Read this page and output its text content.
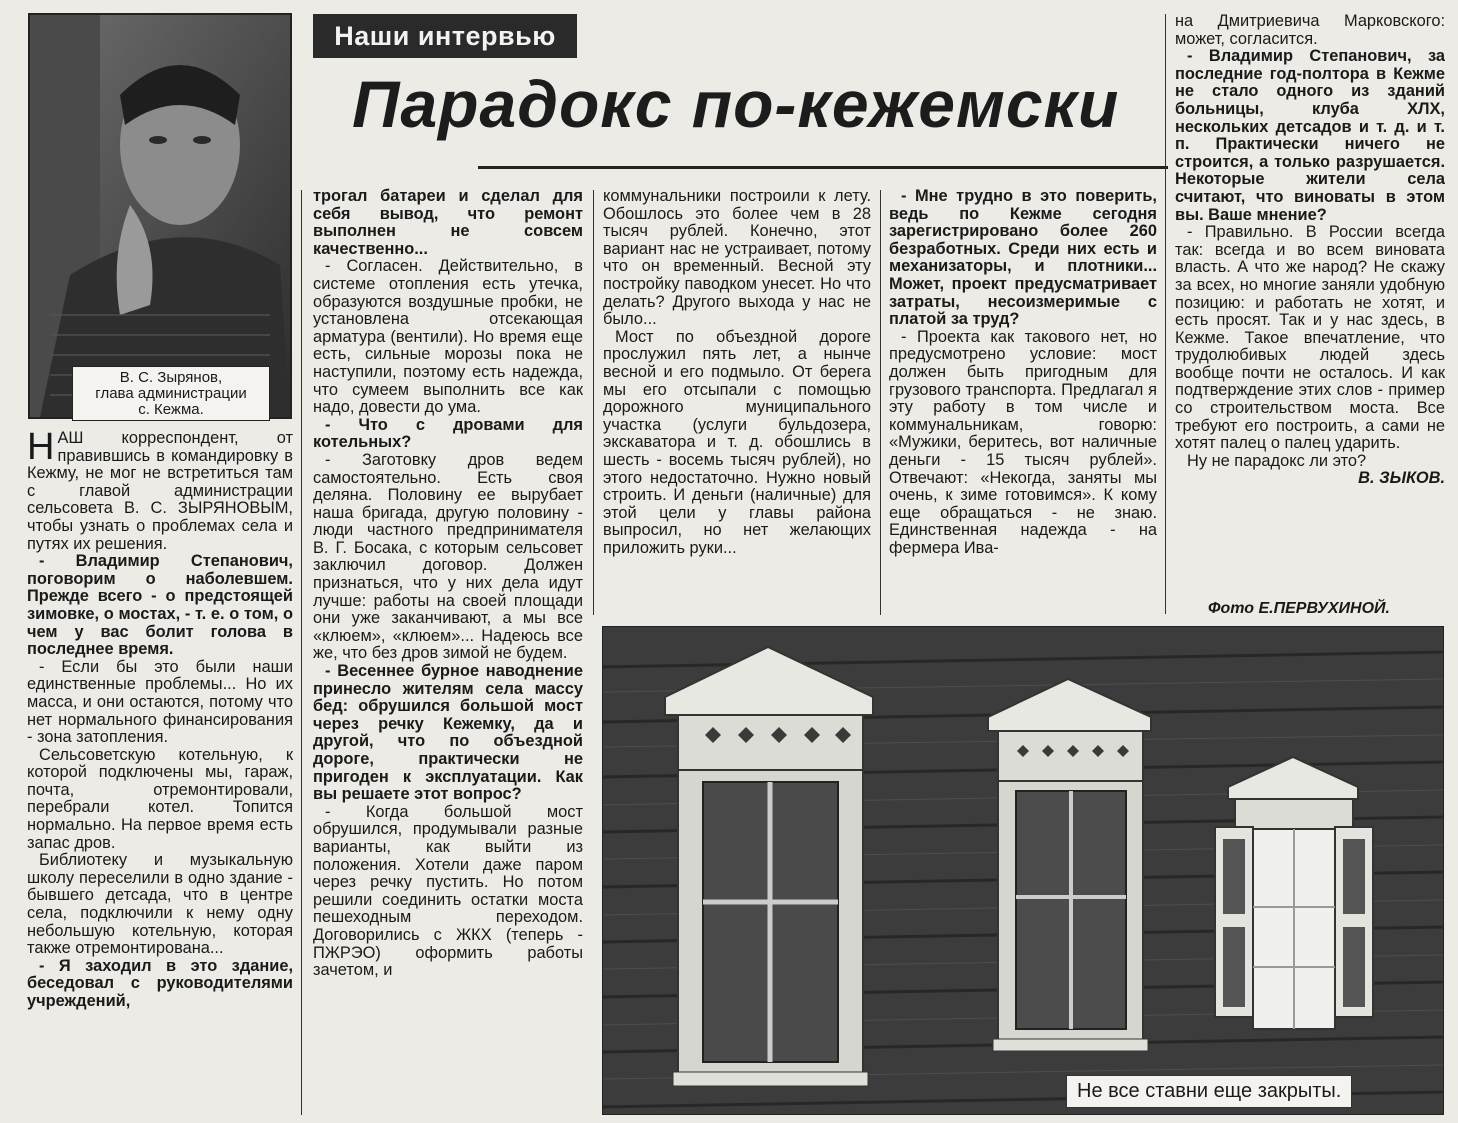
В. С. Зырянов,
глава администрации
с. Кежма.
Наши интервью
Парадокс по-кежемски

НАШ корреспондент, от правившись в командировку в Кежму, не мог не встретиться там с главой администрации сельсовета В. С. ЗЫРЯНОВЫМ, чтобы узнать о проблемах села и путях их решения.

- Владимир Степанович, поговорим о наболевшем. Прежде всего - о предстоящей зимовке, о мостах, - т. е. о том, о чем у вас болит голова в последнее время.

- Если бы это были наши единственные проблемы... Но их масса, и они остаются, потому что нет нормального финансирования - зона затопления.

Сельсоветскую котельную, к которой подключены мы, гараж, почта, отремонтировали, перебрали котел. Топится нормально. На первое время есть запас дров.

Библиотеку и музыкальную школу переселили в одно здание - бывшего детсада, что в центре села, подключили к нему одну небольшую котельную, которая также отремонтирована...

- Я заходил в это здание, беседовал с руководителями учреждений,

трогал батареи и сделал для себя вывод, что ремонт выполнен не совсем качественно...

- Согласен. Действительно, в системе отопления есть утечка, образуются воздушные пробки, не установлена отсекающая арматура (вентили). Но время еще есть, сильные морозы пока не наступили, поэтому есть надежда, что сумеем выполнить все как надо, довести до ума.

- Что с дровами для котельных?

- Заготовку дров ведем самостоятельно. Есть своя деляна. Половину ее вырубает наша бригада, другую половину - люди частного предпринимателя В. Г. Босака, с которым сельсовет заключил договор. Должен признаться, что у них дела идут лучше: работы на своей площади они уже заканчивают, а мы все «клюем», «клюем»... Надеюсь все же, что без дров зимой не будем.

- Весеннее бурное наводнение принесло жителям села массу бед: обрушился большой мост через речку Кежемку, да и другой, что по объездной дороге, практически не пригоден к эксплуатации. Как вы решаете этот вопрос?

- Когда большой мост обрушился, продумывали разные варианты, как выйти из положения. Хотели даже паром через речку пустить. Но потом решили соединить остатки моста пешеходным переходом. Договорились с ЖКХ (теперь - ПЖРЭО) оформить работы зачетом, и

коммунальники построили к лету. Обошлось это более чем в 28 тысяч рублей. Конечно, этот вариант нас не устраивает, потому что он временный. Весной эту постройку паводком унесет. Но что делать? Другого выхода у нас не было...

Мост по объездной дороге прослужил пять лет, а нынче весной и его подмыло. От берега мы его отсыпали с помощью дорожного муниципального участка (услуги бульдозера, экскаватора и т. д. обошлись в шесть - восемь тысяч рублей), но этого недостаточно. Нужно новый строить. И деньги (наличные) для этой цели у главы района выпросил, но нет желающих приложить руки...

- Мне трудно в это поверить, ведь по Кежме сегодня зарегистрировано более 260 безработных. Среди них есть и механизаторы, и плотники... Может, проект предусматривает затраты, несоизмеримые с платой за труд?

- Проекта как такового нет, но предусмотрено условие: мост должен быть пригодным для грузового транспорта. Предлагал я эту работу в том числе и коммунальникам, говорю: «Мужики, беритесь, вот наличные деньги - 15 тысяч рублей». Отвечают: «Некогда, заняты мы очень, к зиме готовимся». К кому еще обращаться - не знаю. Единственная надежда - на фермера Ива-

на Дмитриевича Марковского: может, согласится.

- Владимир Степанович, за последние год-полтора в Кежме не стало одного из зданий больницы, клуба ХЛХ, нескольких детсадов и т. д. и т. п. Практически ничего не строится, а только разрушается. Некоторые жители села считают, что виноваты в этом вы. Ваше мнение?

- Правильно. В России всегда так: всегда и во всем виновата власть. А что же народ? Не скажу за всех, но многие заняли удобную позицию: и работать не хотят, и есть просят. Так и у нас здесь, в Кежме. Такое впечатление, что трудолюбивых людей здесь вообще почти не осталось. И как подтверждение этих слов - пример со строительством моста. Все требуют его построить, а сами не хотят палец о палец ударить.

Ну не парадокс ли это?

В. ЗЫКОВ.

Фото Е.ПЕРВУХИНОЙ.
Не все ставни еще закрыты.
